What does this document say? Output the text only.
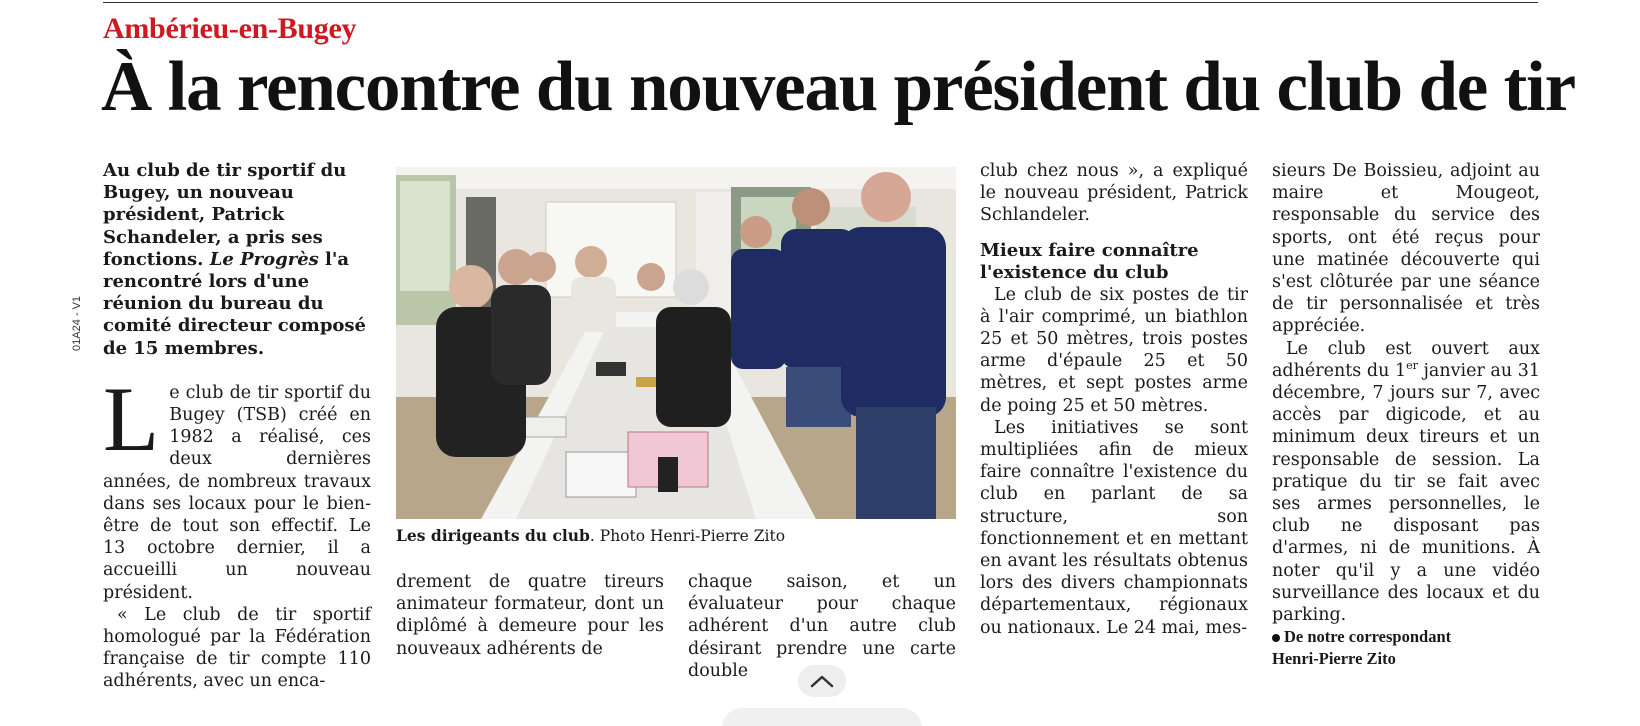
Ambérieu-en-Bugey
À la rencontre du nouveau président du club de tir
01A24 - V1

Au club de tir sportif du Bugey, un nouveau président, Patrick Schandeler, a pris ses fonctions. Le Progrès l'a rencontré lors d'une réunion du bureau du comité directeur composé de 15 membres.

Le club de tir sportif du Bugey (TSB) créé en 1982 a réalisé, ces deux dernières années, de nombreux travaux dans ses locaux pour le bien-être de tout son effectif. Le 13 octobre dernier, il a accueilli un nouveau président.

« Le club de tir sportif homologué par la Fédération française de tir compte 110 adhérents, avec un enca-

Les dirigeants du club. Photo Henri-Pierre Zito

drement de quatre tireurs animateur formateur, dont un diplômé à demeure pour les nouveaux adhérents de

chaque saison, et un évaluateur pour chaque adhérent d'un autre club désirant prendre une carte double

club chez nous », a expliqué le nouveau président, Patrick Schlandeler.

Mieux faire connaître
l'existence du club

Le club de six postes de tir à l'air comprimé, un biathlon 25 et 50 mètres, trois postes arme d'épaule 25 et 50 mètres, et sept postes arme de poing 25 et 50 mètres.

Les initiatives se sont multipliées afin de mieux faire connaître l'existence du club en parlant de sa structure, son fonctionnement et en mettant en avant les résultats obtenus lors des divers championnats départementaux, régionaux ou nationaux. Le 24 mai, mes-

sieurs De Boissieu, adjoint au maire et Mougeot, responsable du service des sports, ont été reçus pour une matinée découverte qui s'est clôturée par une séance de tir personnalisée et très appréciée.

Le club est ouvert aux adhérents du 1er janvier au 31 décembre, 7 jours sur 7, avec accès par digicode, et au minimum deux tireurs et un responsable de session. La pratique du tir se fait avec ses armes personnelles, le club ne disposant pas d'armes, ni de munitions. À noter qu'il y a une vidéo surveillance des locaux et du parking.

De notre correspondant
Henri-Pierre Zito
